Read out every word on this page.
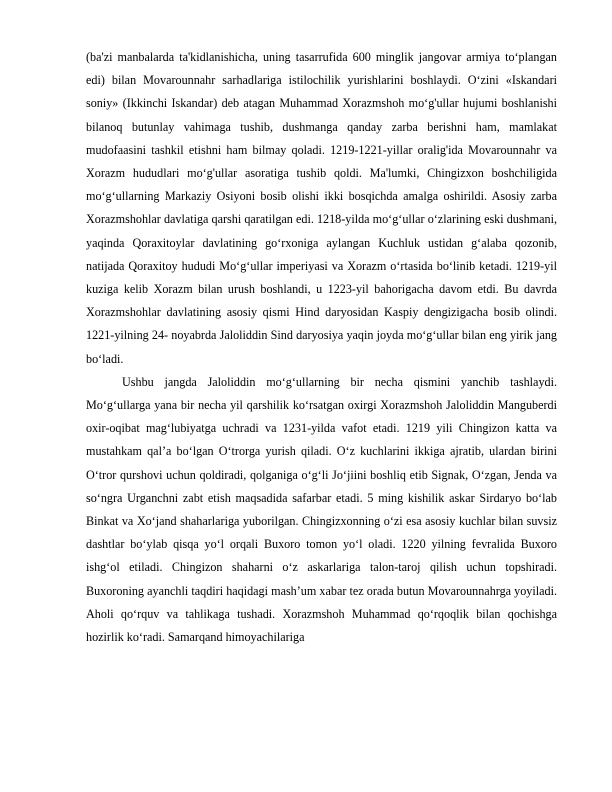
(ba'zi manbalarda ta'kidlanishicha, uning tasarrufida 600 minglik jangovar armiya to‘plangan edi) bilan Movarounnahr sarhadlariga istilochilik yurishlarini boshlaydi. O‘zini «Iskandari soniy» (Ikkinchi Iskandar) deb atagan Muhammad Xorazmshoh mo‘g'ullar hujumi boshlanishi bilanoq butunlay vahimaga tushib, dushmanga qanday zarba berishni ham, mamlakat mudofaasini tashkil etishni ham bilmay qoladi. 1219-1221-yillar oralig'ida Movarounnahr va Xorazm hududlari mo‘g'ullar asoratiga tushib qoldi. Ma'lumki, Chingizxon boshchiligida mo‘g‘ullarning Markaziy Osiyoni bosib olishi ikki bosqichda amalga oshirildi. Asosiy zarba Xorazmshohlar davlatiga qarshi qaratilgan edi. 1218-yilda mo‘g‘ullar o‘zlarining eski dushmani, yaqinda Qoraxitoylar davlatining go‘rxoniga aylangan Kuchluk ustidan g‘alaba qozonib, natijada Qoraxitoy hududi Mo‘g‘ullar imperiyasi va Xorazm o‘rtasida bo‘linib ketadi. 1219-yil kuziga kelib Xorazm bilan urush boshlandi, u 1223-yil bahorigacha davom etdi. Bu davrda Xorazmshohlar davlatining asosiy qismi Hind daryosidan Kaspiy dengizigacha bosib olindi. 1221-yilning 24- noyabrda Jaloliddin Sind daryosiya yaqin joyda mo‘g‘ullar bilan eng yirik jang bo‘ladi.

Ushbu jangda Jaloliddin mo‘g‘ullarning bir necha qismini yanchib tashlaydi. Mo‘g‘ullarga yana bir necha yil qarshilik ko‘rsatgan oxirgi Xorazmshoh Jaloliddin Manguberdi oxir-oqibat mag‘lubiyatga uchradi va 1231-yilda vafot etadi. 1219 yili Chingizon katta va mustahkam qal’a bo‘lgan O‘trorga yurish qiladi. O‘z kuchlarini ikkiga ajratib, ulardan birini O‘tror qurshovi uchun qoldiradi, qolganiga o‘g‘li Jo‘jiini boshliq etib Signak, O‘zgan, Jenda va so‘ngra Urganchni zabt etish maqsadida safarbar etadi. 5 ming kishilik askar Sirdaryo bo‘lab Binkat va Xo‘jand shaharlariga yuborilgan. Chingizxonning o‘zi esa asosiy kuchlar bilan suvsiz dashtlar bo‘ylab qisqa yo‘l orqali Buxoro tomon yo‘l oladi. 1220 yilning fevralida Buxoro ishg‘ol etiladi. Chingizon shaharni o‘z askarlariga talon-taroj qilish uchun topshiradi. Buxoroning ayanchli taqdiri haqidagi mash’um xabar tez orada butun Movarounnahrga yoyiladi. Aholi qo‘rquv va tahlikaga tushadi. Xorazmshoh Muhammad qo‘rqoqlik bilan qochishga hozirlik ko‘radi. Samarqand himoyachilariga
